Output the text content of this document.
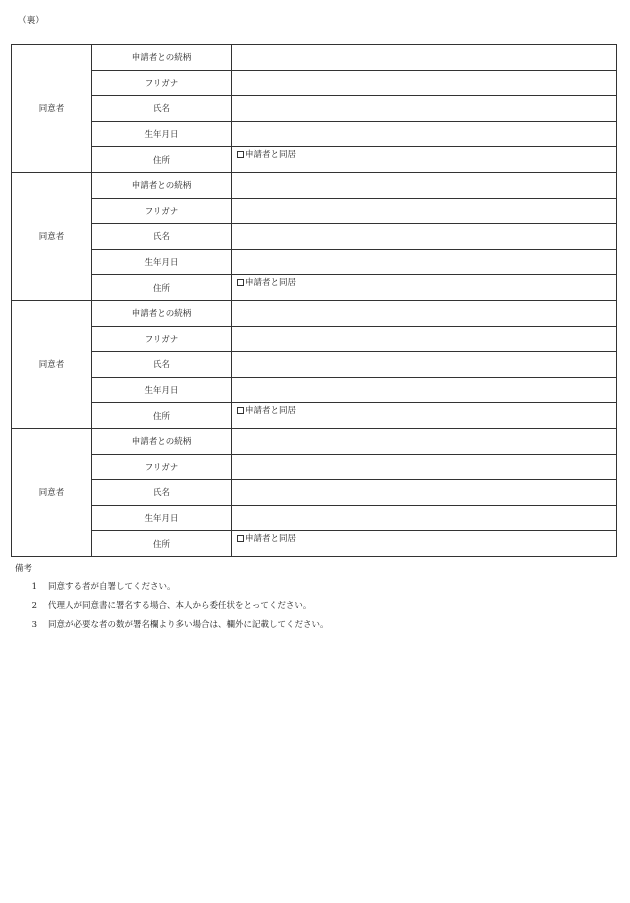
（裏）
同意者	申請者との続柄	
	フリガナ	
	氏名	
	生年月日	
	住所	申請者と同居

同意者	申請者との続柄	
	フリガナ	
	氏名	
	生年月日	
	住所	申請者と同居

同意者	申請者との続柄	
	フリガナ	
	氏名	
	生年月日	
	住所	申請者と同居

同意者	申請者との続柄	
	フリガナ	
	氏名	
	生年月日	
	住所	申請者と同居
備考
1	同意する者が自署してください。
2	代理人が同意書に署名する場合、本人から委任状をとってください。
3	同意が必要な者の数が署名欄より多い場合は、欄外に記載してください。
